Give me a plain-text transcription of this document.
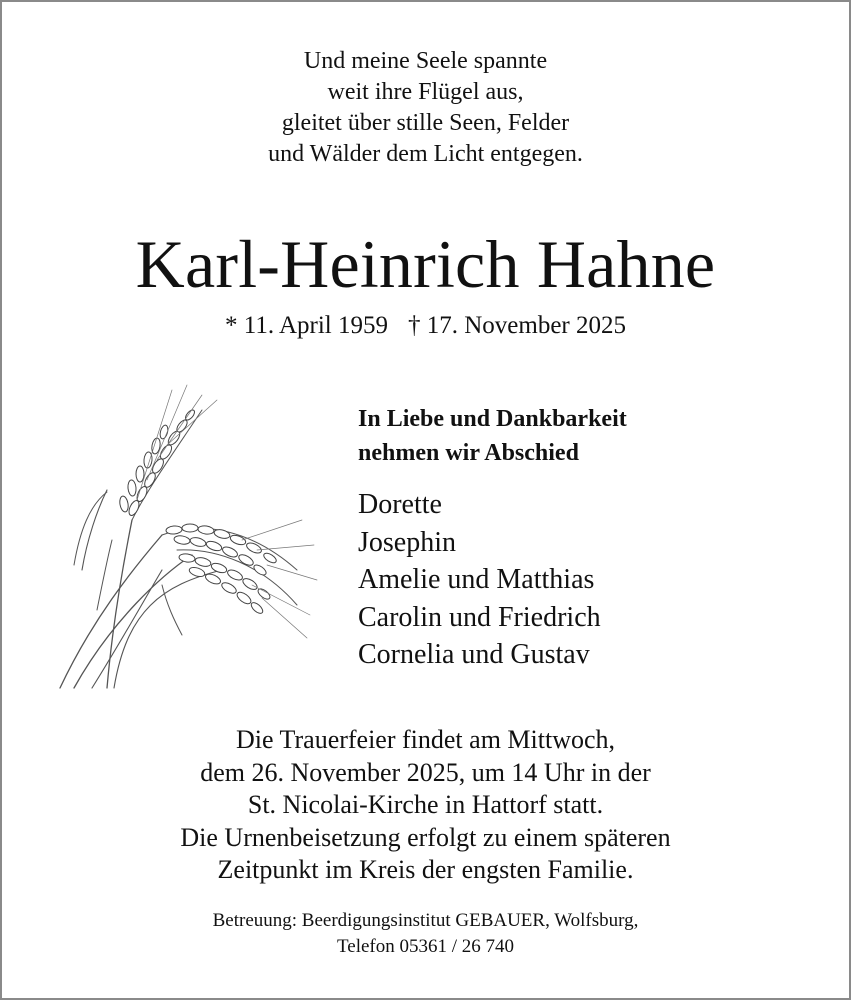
Und meine Seele spannte
weit ihre Flügel aus,
gleitet über stille Seen, Felder
und Wälder dem Licht entgegen.
Karl-Heinrich Hahne
* 11. April 1959 † 17. November 2025
In Liebe und Dankbarkeit
nehmen wir Abschied
Dorette
Josephin
Amelie und Matthias
Carolin und Friedrich
Cornelia und Gustav
Die Trauerfeier findet am Mittwoch,
dem 26. November 2025, um 14 Uhr in der
St. Nicolai-Kirche in Hattorf statt.
Die Urnenbeisetzung erfolgt zu einem späteren
Zeitpunkt im Kreis der engsten Familie.
Betreuung: Beerdigungsinstitut GEBAUER, Wolfsburg,
Telefon 05361 / 26 740
